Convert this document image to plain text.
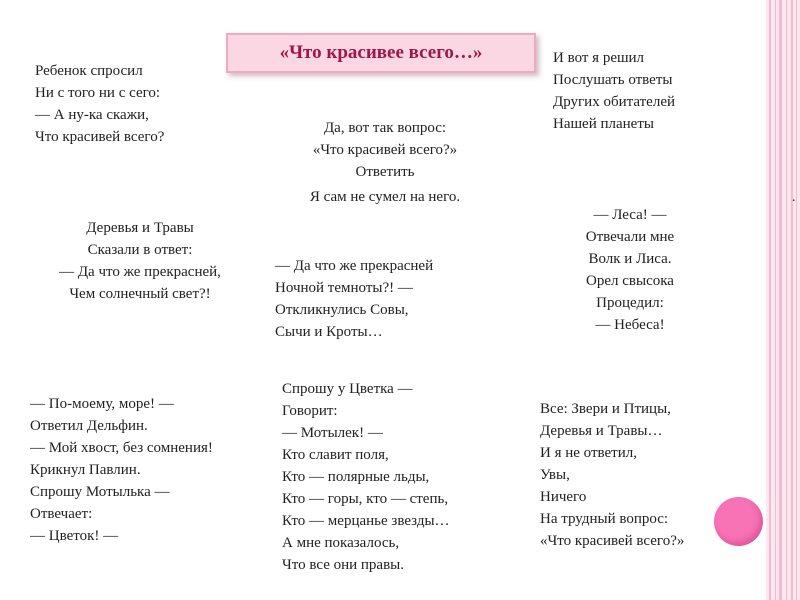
«Что красивее всего…»
Ребенок спросил
Ни с того ни с сего:
— А ну-ка скажи,
Что красивей всего?
Да, вот так вопрос:
«Что красивей всего?»
Ответить
Я сам не сумел на него.
И вот я решил
Послушать ответы
Других обитателей
Нашей планеты
Деревья и Травы
Сказали в ответ:
— Да что же прекрасней,
Чем солнечный свет?!
— Да что же прекрасней
Ночной темноты?! —
Откликнулись Совы,
Сычи и Кроты…
— Леса! —
Отвечали мне
Волк и Лиса.
Орел свысока
Процедил:
— Небеса!
— По-моему, море! —
Ответил Дельфин.
— Мой хвост, без сомнения!
Крикнул Павлин.
Спрошу Мотылька —
Отвечает:
— Цветок! —
Спрошу у Цветка —
Говорит:
— Мотылек! —
Кто славит поля,
Кто — полярные льды,
Кто — горы, кто — степь,
Кто — мерцанье звезды…
А мне показалось,
Что все они правы.
Все: Звери и Птицы,
Деревья и Травы…
И я не ответил,
Увы,
Ничего
На трудный вопрос:
«Что красивей всего?»
.
